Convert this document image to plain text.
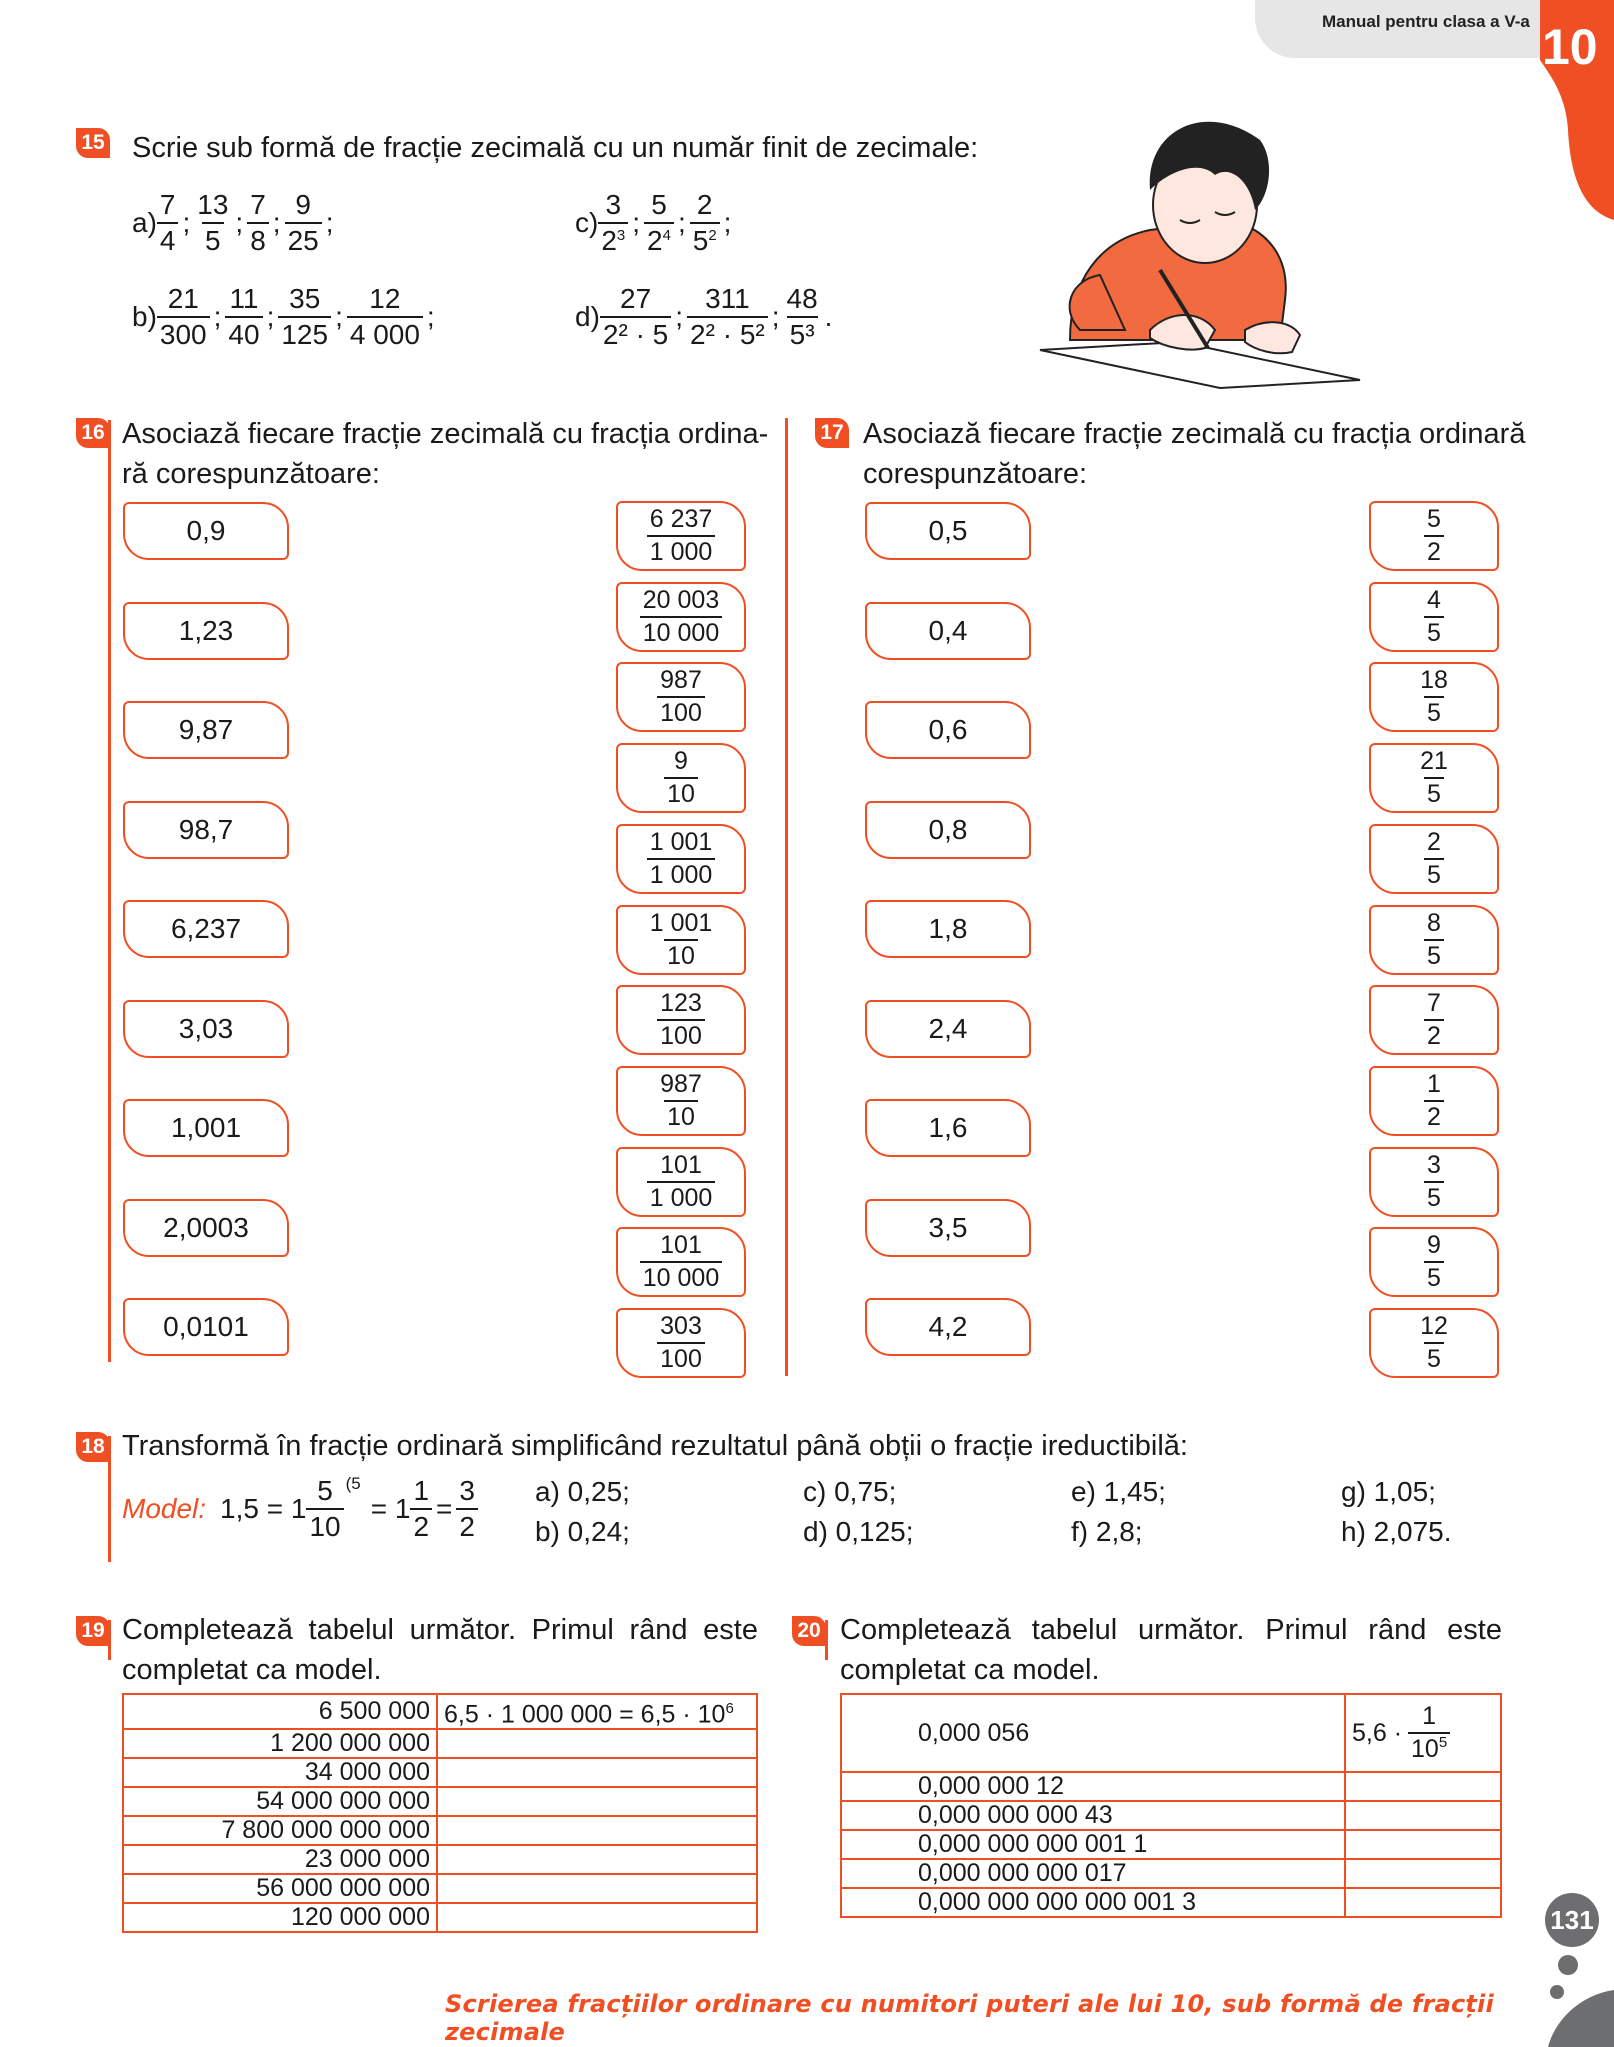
Manual pentru clasa a V-a 10
15 Scrie sub formă de fracție zecimală cu un număr finit de zecimale:
$a) \frac{7}{4}$ ; $\frac{13}{5}$ ; $\frac{7}{8}$ ; $\frac{9}{25}$ ;
$b) \frac{21}{300}$ ; $\frac{11}{40}$ ; $\frac{35}{125}$ ; $\frac{12}{4 000}$ ;
$c) \frac{3}{2^3}$ ; $\frac{5}{2^4}$ ; $\frac{2}{5^2}$ ;
$d) \frac{27}{\text{2² · 5}}$ ; $\frac{311}{\text{2² · 5²}}$ ; $\frac{48}{\text{5³}}$ .
16 Asociază fiecare fracție zecimală cu fracția ordina-
ră corespunzătoare:
0,9
1,23
9,87
98,7
6,237
3,03
1,001
2,0003
0,0101
$\frac{6 237}{1 000}$
$\frac{20 003}{10 000}$
$\frac{987}{100}$
$\frac{9}{10}$
$\frac{1 001}{1 000}$
$\frac{1 001}{10}$
$\frac{123}{100}$
$\frac{987}{10}$
$\frac{101}{1 000}$
$\frac{101}{10 000}$
$\frac{303}{100}$
17 Asociază fiecare fracție zecimală cu fracția ordinară
corespunzătoare:
0,5
0,4
0,6
0,8
1,8
2,4
1,6
3,5
4,2
$\frac{5}{2}$
$\frac{4}{5}$
$\frac{18}{5}$
$\frac{21}{5}$
$\frac{2}{5}$
$\frac{8}{5}$
$\frac{7}{2}$
$\frac{1}{2}$
$\frac{3}{5}$
$\frac{9}{5}$
$\frac{12}{5}$
18 Transformă în fracție ordinară simplificând rezultatul până obții o fracție ireductibilă:
Model: $1,5 = 1 \frac{5}{10} (5$
= $1 \frac{1}{2} = \frac{3}{2} a$) 0,25;
b) 0,24;
c) 0,75;
d) 0,125;
e) 1,45;
f) 2,8;
g) 1,05;
h) 2,075.
19 Completează tabelul următor. Primul rând este
completat ca model.
6 500 000	6,5 · 1 000 $000 = 6,5 \cdot 10^6$
1 200 000 000	
34 000 000	
54 000 000 000	
7 800 000 000 000	
23 000 000	
56 000 000 000	
120 000 000	
20 Completează tabelul următor. Primul rând este
completat ca model.
0,000 056	$5,6 \cdot \frac{1}{10^5}$

0,000 000 12	
0,000 000 000 43	
0,000 000 000 001 1	
0,000 000 000 017	
0,000 000 000 000 001 3	
131
Scrierea fracțiilor ordinare cu numitori puteri ale lui 10, sub formă de fracții zecimale
